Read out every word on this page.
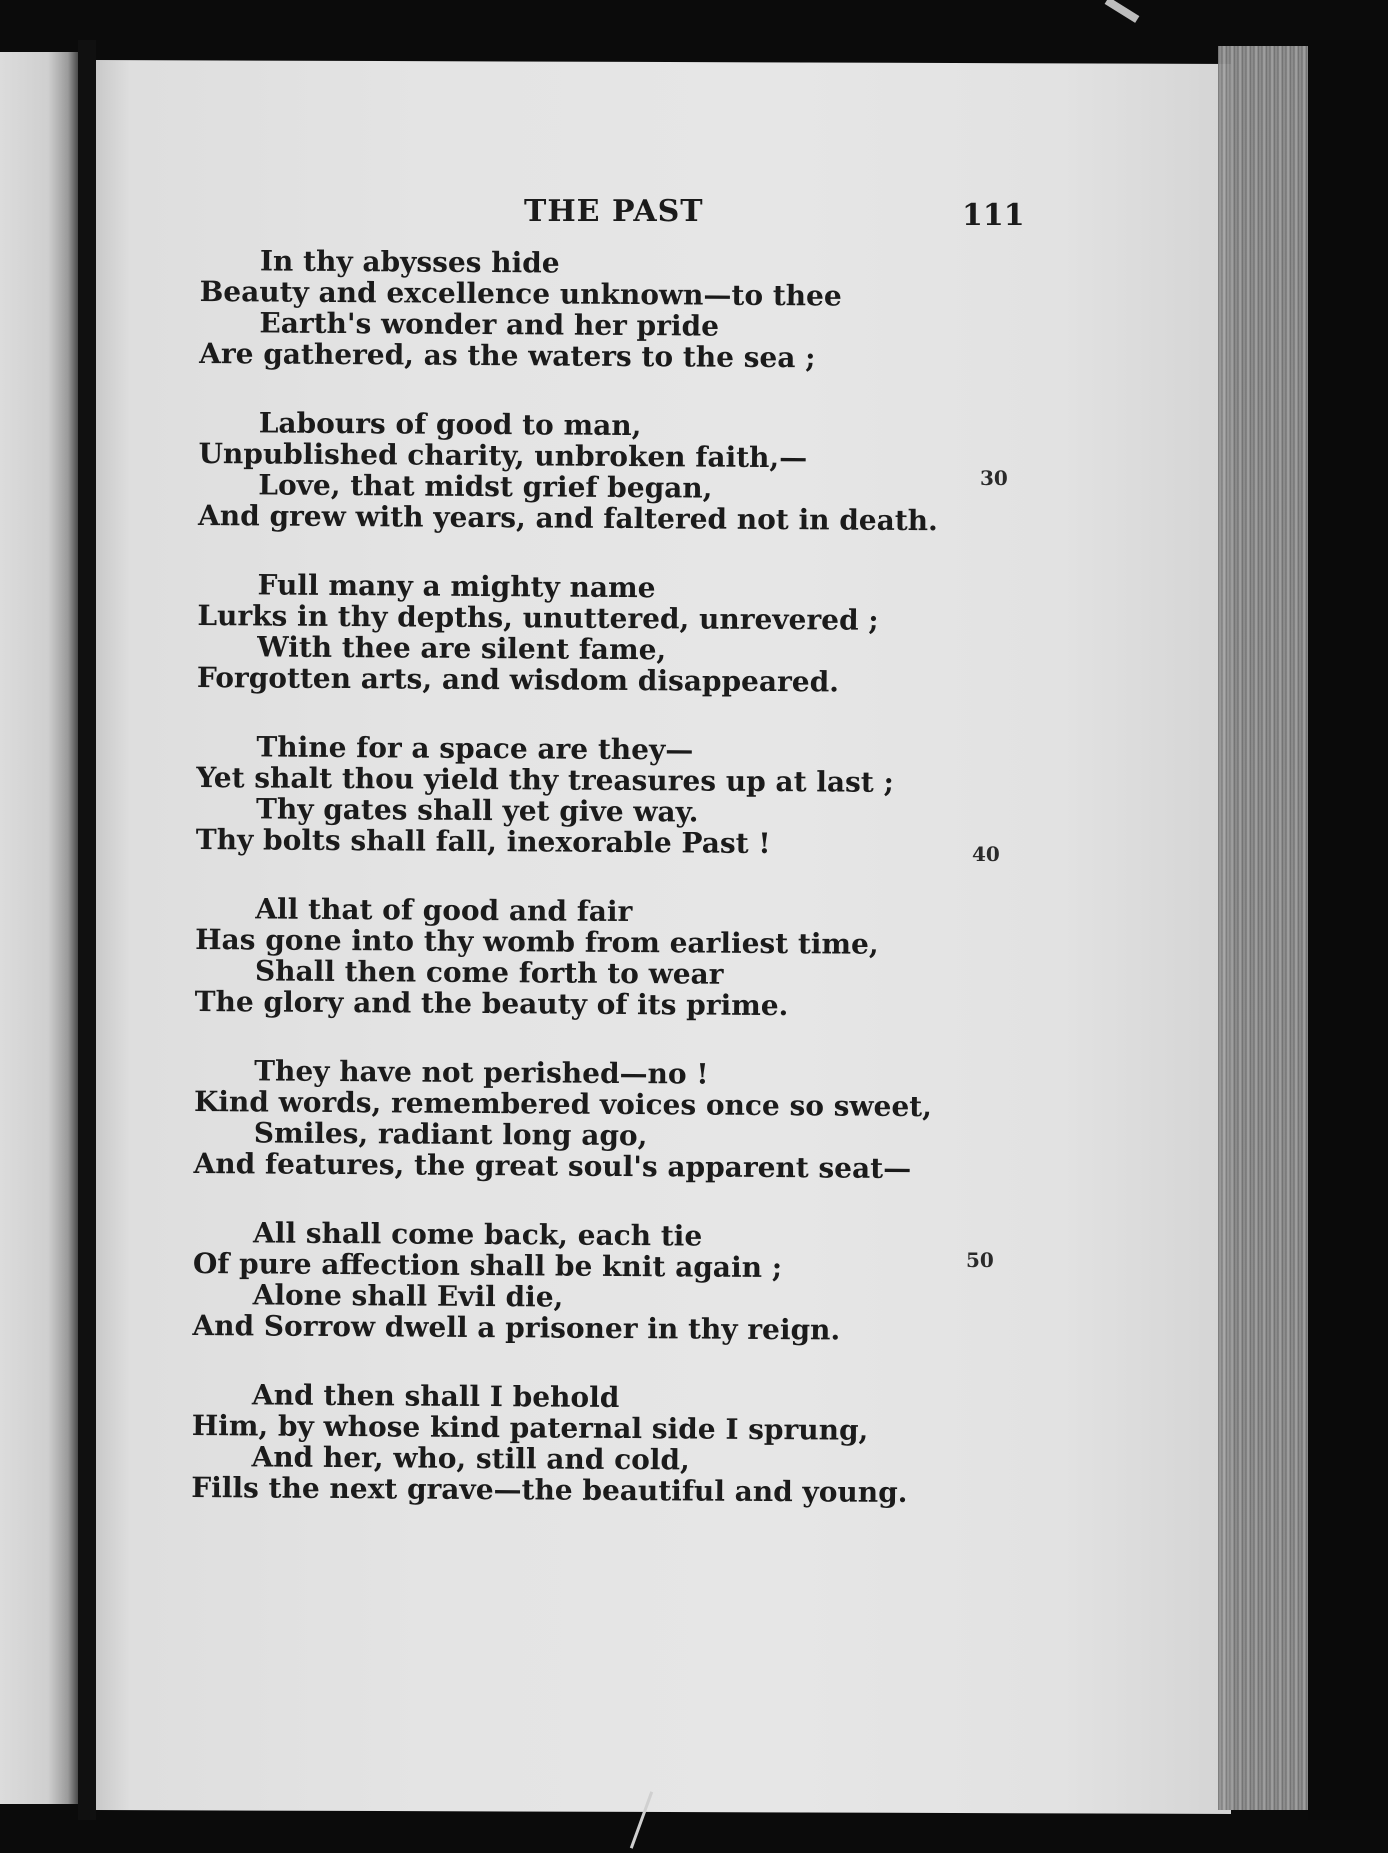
THE PAST	111
In thy abysses hide
Beauty and excellence unknown—to thee
Earth's wonder and her pride
Are gathered, as the waters to the sea ;
Labours of good to man,
Unpublished charity, unbroken faith,—
Love, that midst grief began,
And grew with years, and faltered not in death.
Full many a mighty name
Lurks in thy depths, unuttered, unrevered ;
With thee are silent fame,
Forgotten arts, and wisdom disappeared.
Thine for a space are they—
Yet shalt thou yield thy treasures up at last ;
Thy gates shall yet give way.
Thy bolts shall fall, inexorable Past !
All that of good and fair
Has gone into thy womb from earliest time,
Shall then come forth to wear
The glory and the beauty of its prime.
They have not perished—no !
Kind words, remembered voices once so sweet,
Smiles, radiant long ago,
And features, the great soul's apparent seat—
All shall come back, each tie
Of pure affection shall be knit again ;
Alone shall Evil die,
And Sorrow dwell a prisoner in thy reign.
And then shall I behold
Him, by whose kind paternal side I sprung,
And her, who, still and cold,
Fills the next grave—the beautiful and young.
30
40
50
